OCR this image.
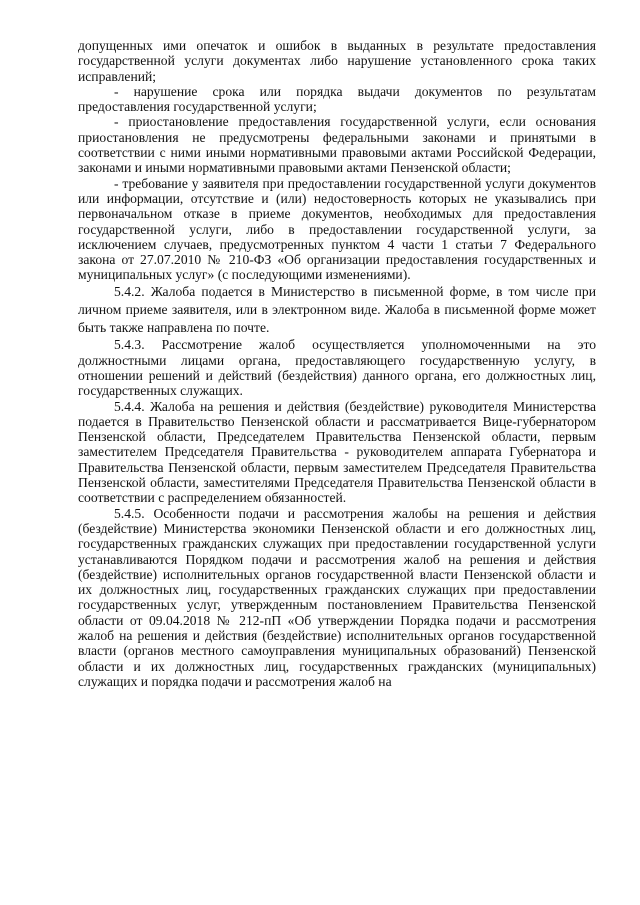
допущенных ими опечаток и ошибок в выданных в результате предоставления государственной услуги документах либо нарушение установленного срока таких исправлений;

- нарушение срока или порядка выдачи документов по результатам предоставления государственной услуги;

- приостановление предоставления государственной услуги, если основания приостановления не предусмотрены федеральными законами и принятыми в соответствии с ними иными нормативными правовыми актами Российской Федерации, законами и иными нормативными правовыми актами Пензенской области;

- требование у заявителя при предоставлении государственной услуги документов или информации, отсутствие и (или) недостоверность которых не указывались при первоначальном отказе в приеме документов, необходимых для предоставления государственной услуги, либо в предоставлении государственной услуги, за исключением случаев, предусмотренных пунктом 4 части 1 статьи 7 Федерального закона от 27.07.2010 № 210-ФЗ «Об организации предоставления государственных и муниципальных услуг» (с последующими изменениями).

5.4.2. Жалоба подается в Министерство в письменной форме, в том числе при личном приеме заявителя, или в электронном виде. Жалоба в письменной форме может быть также направлена по почте.

5.4.3. Рассмотрение жалоб осуществляется уполномоченными на это должностными лицами органа, предоставляющего государственную услугу, в отношении решений и действий (бездействия) данного органа, его должностных лиц, государственных служащих.

5.4.4. Жалоба на решения и действия (бездействие) руководителя Министерства подается в Правительство Пензенской области и рассматривается Вице-губернатором Пензенской области, Председателем Правительства Пензенской области, первым заместителем Председателя Правительства - руководителем аппарата Губернатора и Правительства Пензенской области, первым заместителем Председателя Правительства Пензенской области, заместителями Председателя Правительства Пензенской области в соответствии с распределением обязанностей.

5.4.5. Особенности подачи и рассмотрения жалобы на решения и действия (бездействие) Министерства экономики Пензенской области и его должностных лиц, государственных гражданских служащих при предоставлении государственной услуги устанавливаются Порядком подачи и рассмотрения жалоб на решения и действия (бездействие) исполнительных органов государственной власти Пензенской области и их должностных лиц, государственных гражданских служащих при предоставлении государственных услуг, утвержденным постановлением Правительства Пензенской области от 09.04.2018 № 212-пП «Об утверждении Порядка подачи и рассмотрения жалоб на решения и действия (бездействие) исполнительных органов государственной власти (органов местного самоуправления муниципальных образований) Пензенской области и их должностных лиц, государственных гражданских (муниципальных) служащих и порядка подачи и рассмотрения жалоб на
